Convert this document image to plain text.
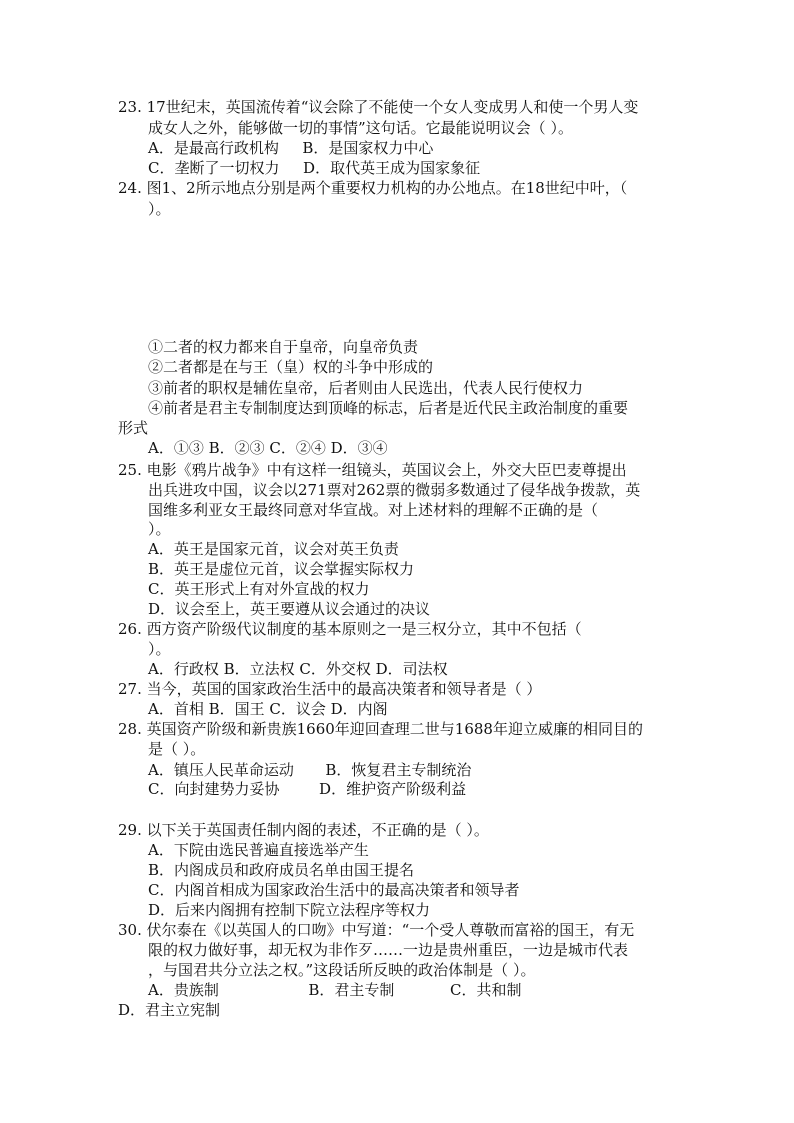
23. 17世纪末，英国流传着“议会除了不能使一个女人变成男人和使一个男人变
成女人之外，能够做一切的事情”这句话。它最能说明议会（ ）。
A．是最高行政机构 B．是国家权力中心
C．垄断了一切权力 D．取代英王成为国家象征
24. 图1、2所示地点分别是两个重要权力机构的办公地点。在18世纪中叶，（
）。
①二者的权力都来自于皇帝，向皇帝负责
②二者都是在与王（皇）权的斗争中形成的
③前者的职权是辅佐皇帝，后者则由人民选出，代表人民行使权力
④前者是君主专制制度达到顶峰的标志，后者是近代民主政治制度的重要
形式
A．①③ B．②③ C．②④ D．③④
25. 电影《鸦片战争》中有这样一组镜头，英国议会上，外交大臣巴麦尊提出
出兵进攻中国，议会以271票对262票的微弱多数通过了侵华战争拨款，英
国维多利亚女王最终同意对华宣战。对上述材料的理解不正确的是（
）。
A．英王是国家元首，议会对英王负责
B．英王是虚位元首，议会掌握实际权力
C．英王形式上有对外宣战的权力
D．议会至上，英王要遵从议会通过的决议
26. 西方资产阶级代议制度的基本原则之一是三权分立，其中不包括（
）。
A．行政权 B．立法权 C．外交权 D．司法权
27. 当今，英国的国家政治生活中的最高决策者和领导者是（ ）
A．首相 B．国王 C．议会 D．内阁
28. 英国资产阶级和新贵族1660年迎回查理二世与1688年迎立威廉的相同目的
是（ ）。
A．镇压人民革命运动 B．恢复君主专制统治
C．向封建势力妥协	D．维护资产阶级利益
29. 以下关于英国责任制内阁的表述，不正确的是（ ）。
A．下院由选民普遍直接选举产生
B．内阁成员和政府成员名单由国王提名
C．内阁首相成为国家政治生活中的最高决策者和领导者
D．后来内阁拥有控制下院立法程序等权力
30. 伏尔泰在《以英国人的口吻》中写道：“一个受人尊敬而富裕的国王，有无
限的权力做好事，却无权为非作歹……一边是贵州重臣，一边是城市代表
，与国君共分立法之权。”这段话所反映的政治体制是（ ）。
A．贵族制	B．君主专制	C．共和制
D．君主立宪制
